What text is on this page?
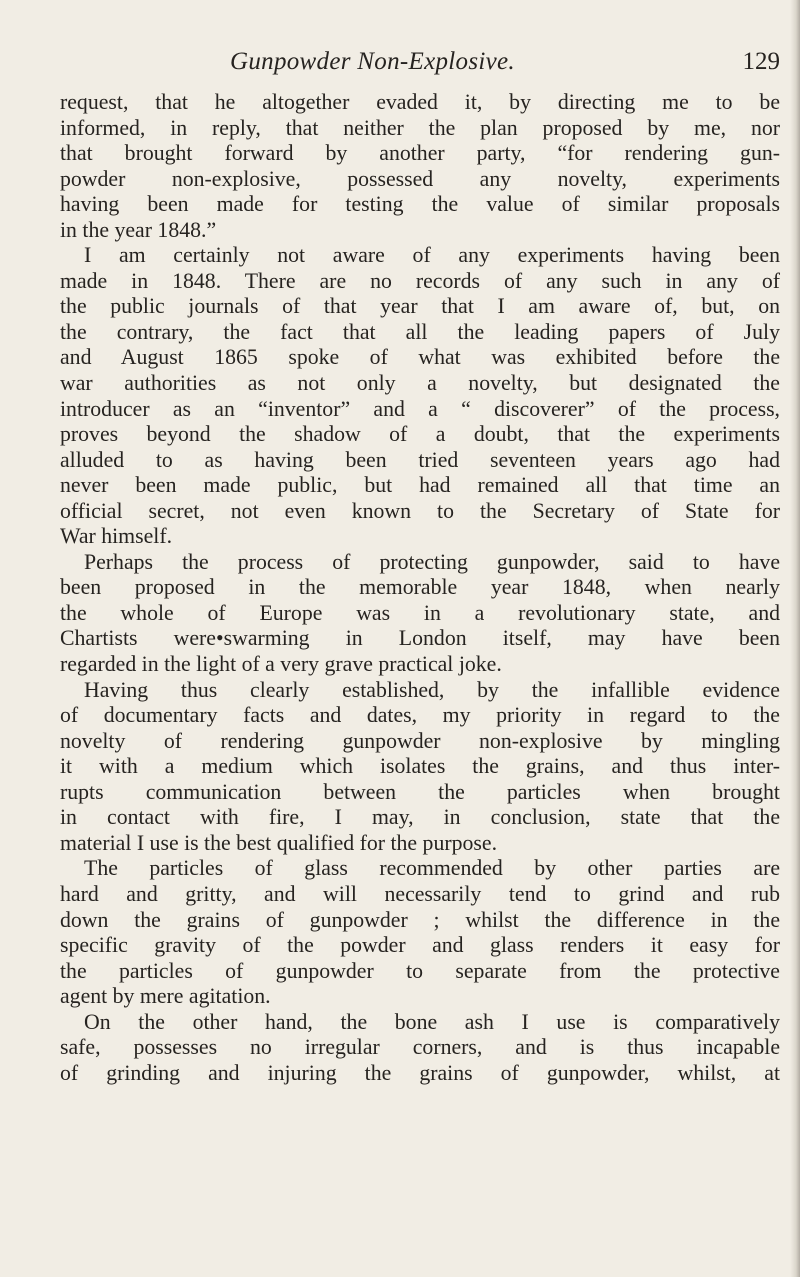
Gunpowder Non-Explosive.	129
request, that he altogether evaded it, by directing me to be
informed, in reply, that neither the plan proposed by me, nor
that brought forward by another party, “for rendering gun-
powder non-explosive, possessed any novelty, experiments
having been made for testing the value of similar proposals
in the year 1848.”
I am certainly not aware of any experiments having been
made in 1848. There are no records of any such in any of
the public journals of that year that I am aware of, but, on
the contrary, the fact that all the leading papers of July
and August 1865 spoke of what was exhibited before the
war authorities as not only a novelty, but designated the
introducer as an “inventor” and a “ discoverer” of the process,
proves beyond the shadow of a doubt, that the experiments
alluded to as having been tried seventeen years ago had
never been made public, but had remained all that time an
official secret, not even known to the Secretary of State for
War himself.
Perhaps the process of protecting gunpowder, said to have
been proposed in the memorable year 1848, when nearly
the whole of Europe was in a revolutionary state, and
Chartists were•swarming in London itself, may have been
regarded in the light of a very grave practical joke.
Having thus clearly established, by the infallible evidence
of documentary facts and dates, my priority in regard to the
novelty of rendering gunpowder non-explosive by mingling
it with a medium which isolates the grains, and thus inter-
rupts communication between the particles when brought
in contact with fire, I may, in conclusion, state that the
material I use is the best qualified for the purpose.
The particles of glass recommended by other parties are
hard and gritty, and will necessarily tend to grind and rub
down the grains of gunpowder ; whilst the difference in the
specific gravity of the powder and glass renders it easy for
the particles of gunpowder to separate from the protective
agent by mere agitation.
On the other hand, the bone ash I use is comparatively
safe, possesses no irregular corners, and is thus incapable
of grinding and injuring the grains of gunpowder, whilst, at
